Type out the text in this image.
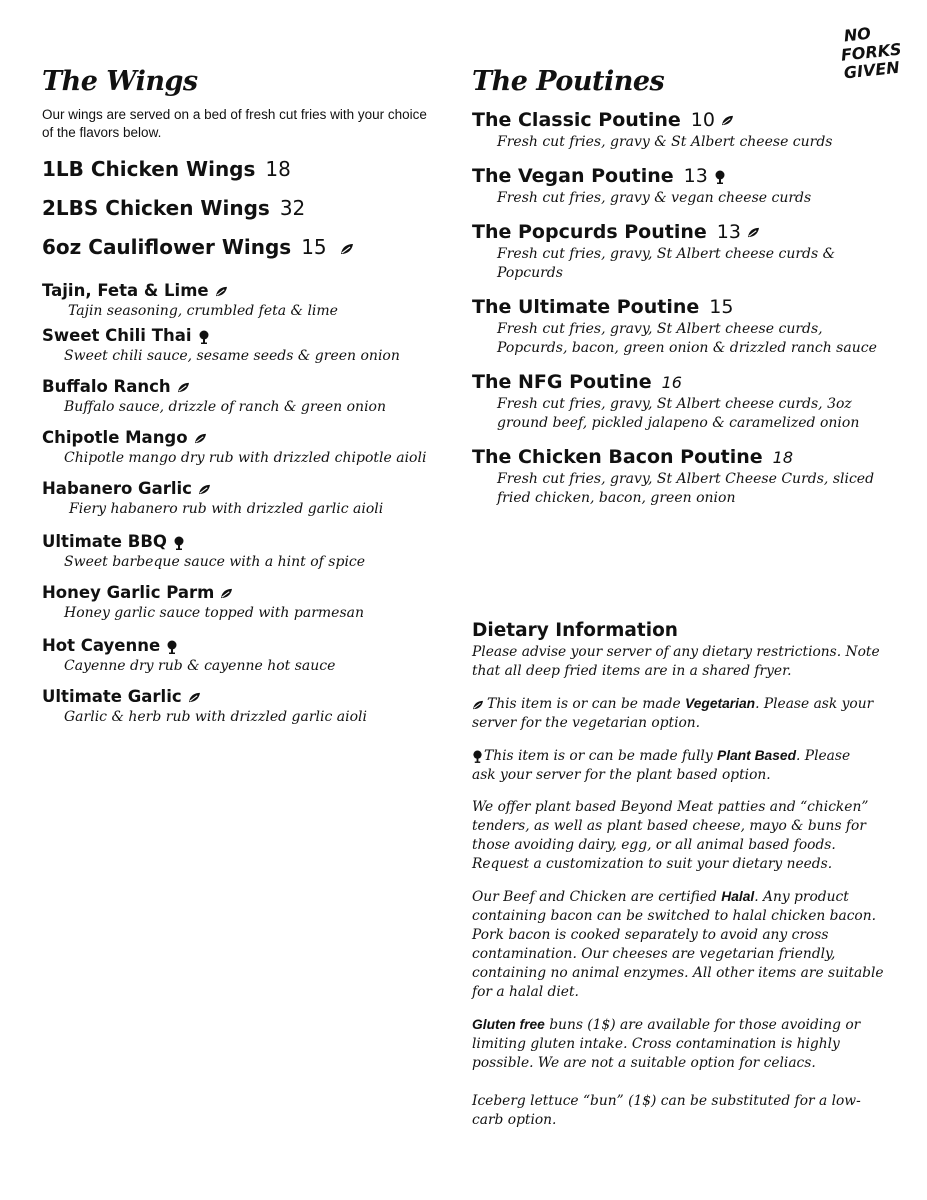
NO
FORKS
GIVEN
The Wings

Our wings are served on a bed of fresh cut fries with your choice of the flavors below.

1LB Chicken Wings 18
2LBS Chicken Wings 32
6oz Cauliflower Wings 15
Tajin, Feta & Lime

Tajin seasoning, crumbled feta & lime

Sweet Chili Thai

Sweet chili sauce, sesame seeds & green onion

Buffalo Ranch

Buffalo sauce, drizzle of ranch & green onion

Chipotle Mango

Chipotle mango dry rub with drizzled chipotle aioli

Habanero Garlic

Fiery habanero rub with drizzled garlic aioli

Ultimate BBQ

Sweet barbeque sauce with a hint of spice

Honey Garlic Parm

Honey garlic sauce topped with parmesan

Hot Cayenne

Cayenne dry rub & cayenne hot sauce

Ultimate Garlic

Garlic & herb rub with drizzled garlic aioli

The Poutines
The Classic Poutine 10

Fresh cut fries, gravy & St Albert cheese curds

The Vegan Poutine 13

Fresh cut fries, gravy & vegan cheese curds

The Popcurds Poutine 13

Fresh cut fries, gravy, St Albert cheese curds & Popcurds

The Ultimate Poutine 15

Fresh cut fries, gravy, St Albert cheese curds, Popcurds, bacon, green onion & drizzled ranch sauce

The NFG Poutine 16

Fresh cut fries, gravy, St Albert cheese curds, 3oz ground beef, pickled jalapeno & caramelized onion

The Chicken Bacon Poutine 18

Fresh cut fries, gravy, St Albert Cheese Curds, sliced fried chicken, bacon, green onion

Dietary Information

Please advise your server of any dietary restrictions. Note that all deep fried items are in a shared fryer.

This item is or can be made Vegetarian. Please ask your server for the vegetarian option.

This item is or can be made fully Plant Based. Please ask your server for the plant based option.

We offer plant based Beyond Meat patties and “chicken” tenders, as well as plant based cheese, mayo & buns for those avoiding dairy, egg, or all animal based foods. Request a customization to suit your dietary needs.

Our Beef and Chicken are certified Halal. Any product containing bacon can be switched to halal chicken bacon. Pork bacon is cooked separately to avoid any cross contamination. Our cheeses are vegetarian friendly, containing no animal enzymes. All other items are suitable for a halal diet.

Gluten free buns (1$) are available for those avoiding or limiting gluten intake. Cross contamination is highly possible. We are not a suitable option for celiacs.

Iceberg lettuce “bun” (1$) can be substituted for a low-carb option.
